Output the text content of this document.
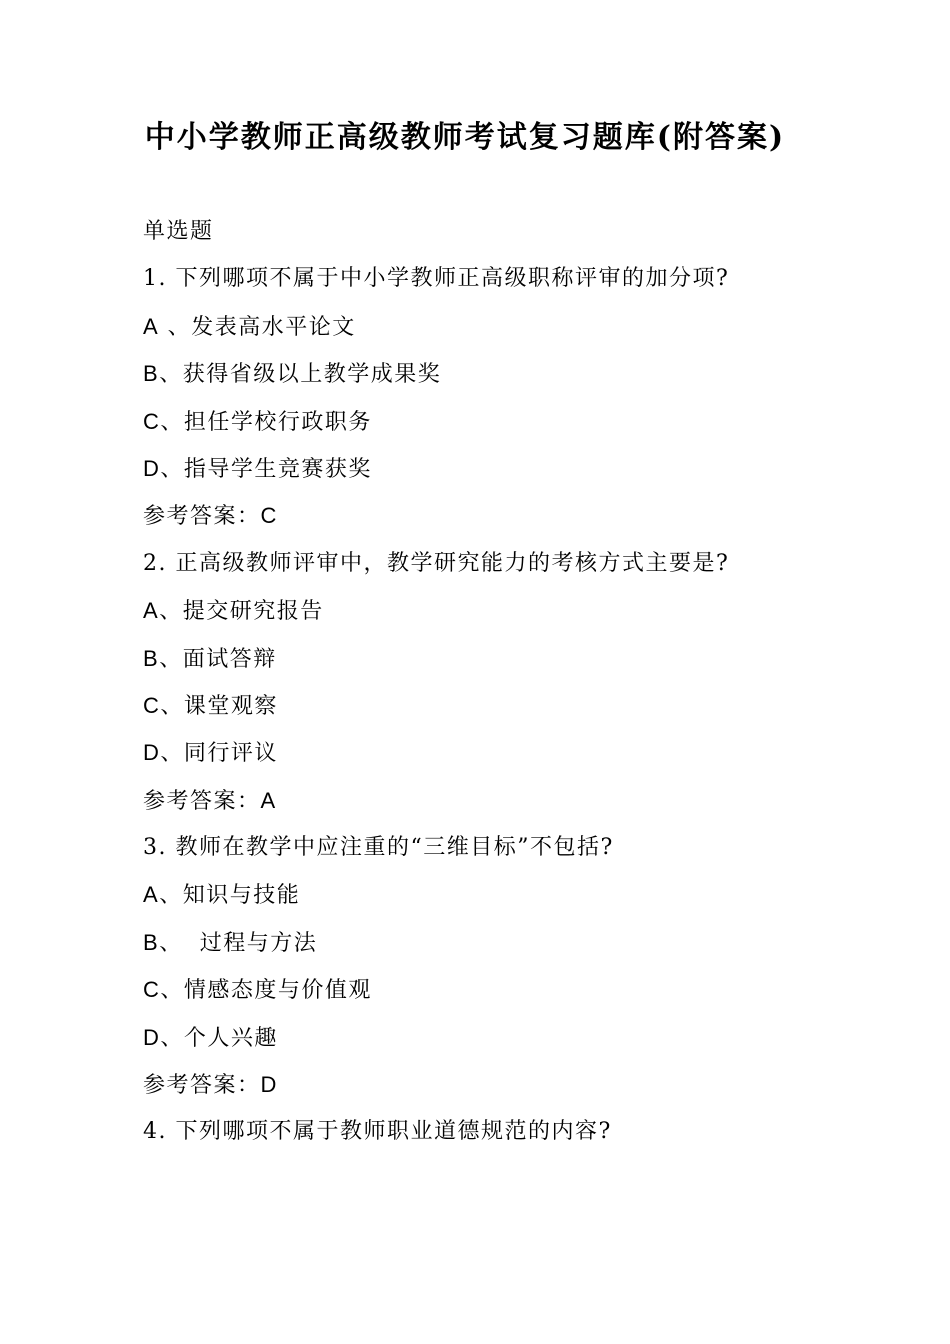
中小学教师正高级教师考试复习题库(附答案)
单选题
1. 下列哪项不属于中小学教师正高级职称评审的加分项?
A 、发表高水平论文
B、获得省级以上教学成果奖
C、担任学校行政职务
D、指导学生竞赛获奖
参考答案：C
2. 正高级教师评审中，教学研究能力的考核方式主要是?
A、提交研究报告
B、面试答辩
C、课堂观察
D、同行评议
参考答案：A
3. 教师在教学中应注重的“三维目标”不包括?
A、知识与技能
B、  过程与方法
C、情感态度与价值观
D、个人兴趣
参考答案：D
4. 下列哪项不属于教师职业道德规范的内容?
